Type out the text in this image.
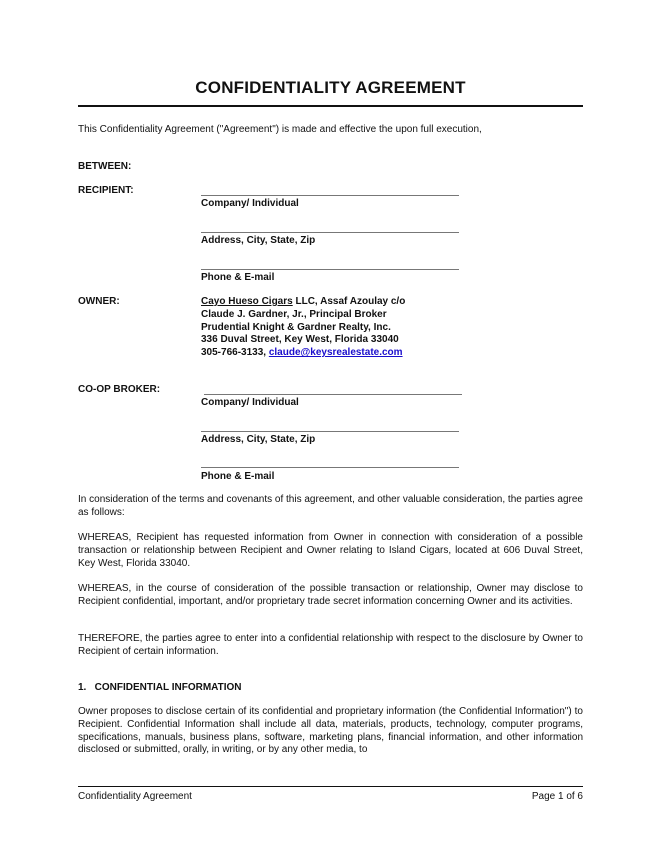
CONFIDENTIALITY AGREEMENT
This Confidentiality Agreement ("Agreement") is made and effective the upon full execution,
BETWEEN:
RECIPIENT:
Company/ Individual
Address, City, State, Zip
Phone & E-mail
OWNER:	Cayo Hueso Cigars LLC, Assaf Azoulay c/o
Claude J. Gardner, Jr., Principal Broker
Prudential Knight & Gardner Realty, Inc.
336 Duval Street, Key West, Florida 33040
305-766-3133, claude@keysrealestate.com
CO-OP BROKER:
Company/ Individual
Address, City, State, Zip
Phone & E-mail
In consideration of the terms and covenants of this agreement, and other valuable consideration, the parties agree as follows:
WHEREAS, Recipient has requested information from Owner in connection with consideration of a possible transaction or relationship between Recipient and Owner relating to Island Cigars, located at 606 Duval Street, Key West, Florida 33040.
WHEREAS, in the course of consideration of the possible transaction or relationship, Owner may disclose to Recipient confidential, important, and/or proprietary trade secret information concerning Owner and its activities.
THEREFORE, the parties agree to enter into a confidential relationship with respect to the disclosure by Owner to Recipient of certain information.
1.   CONFIDENTIAL INFORMATION
Owner proposes to disclose certain of its confidential and proprietary information (the Confidential Information") to Recipient. Confidential Information shall include all data, materials, products, technology, computer programs, specifications, manuals, business plans, software, marketing plans, financial information, and other information disclosed or submitted, orally, in writing, or by any other media, to
Confidentiality Agreement	Page 1 of 6
